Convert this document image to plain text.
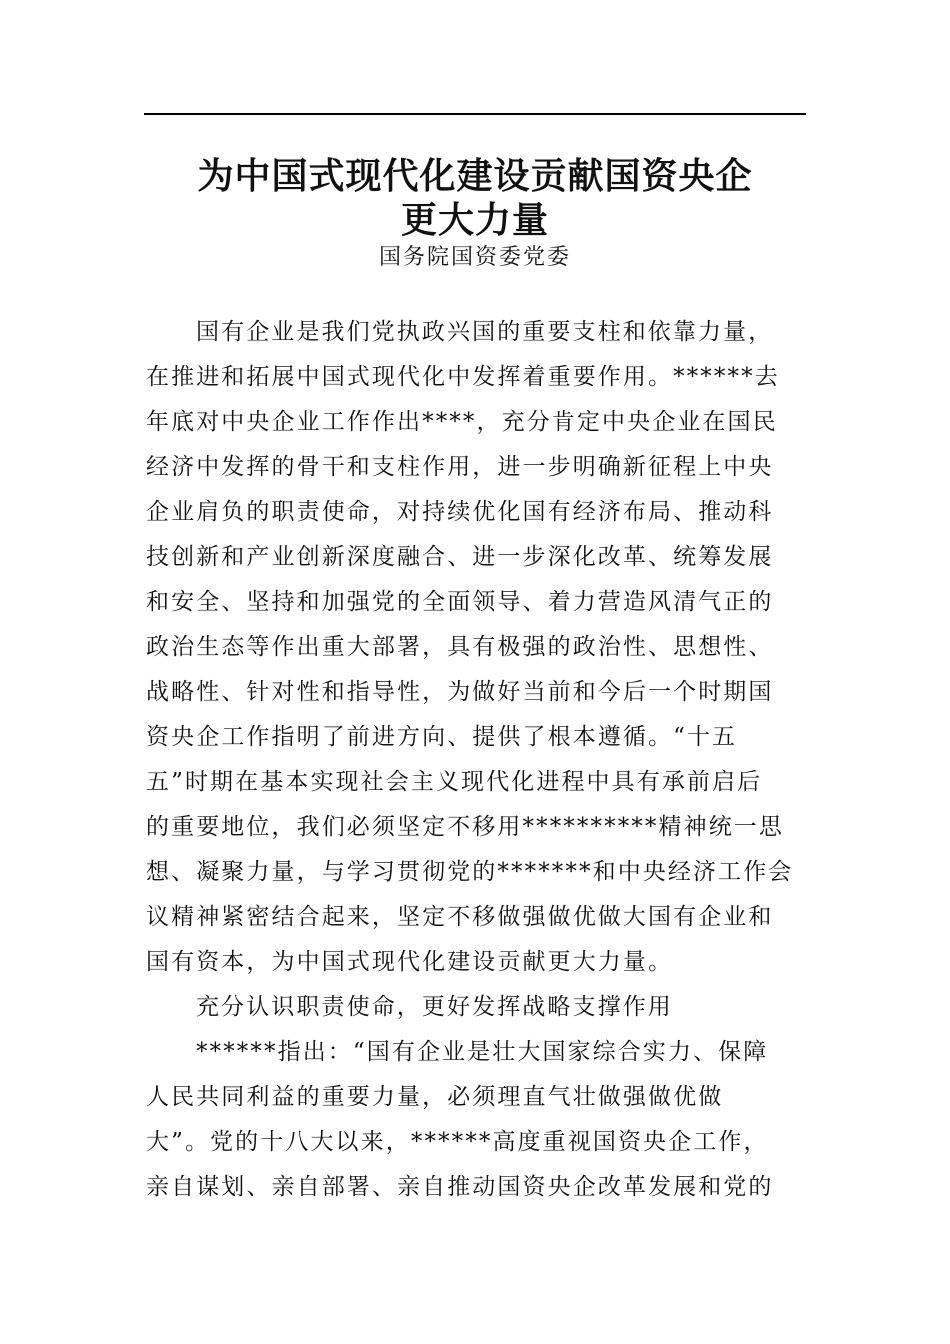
为中国式现代化建设贡献国资央企
更大力量
国务院国资委党委
国有企业是我们党执政兴国的重要支柱和依靠力量，
在推进和拓展中国式现代化中发挥着重要作用。******去
年底对中央企业工作作出****，充分肯定中央企业在国民
经济中发挥的骨干和支柱作用，进一步明确新征程上中央
企业肩负的职责使命，对持续优化国有经济布局、推动科
技创新和产业创新深度融合、进一步深化改革、统筹发展
和安全、坚持和加强党的全面领导、着力营造风清气正的
政治生态等作出重大部署，具有极强的政治性、思想性、
战略性、针对性和指导性，为做好当前和今后一个时期国
资央企工作指明了前进方向、提供了根本遵循。“十五
五”时期在基本实现社会主义现代化进程中具有承前启后
的重要地位，我们必须坚定不移用**********精神统一思
想、凝聚力量，与学习贯彻党的*******和中央经济工作会
议精神紧密结合起来，坚定不移做强做优做大国有企业和
国有资本，为中国式现代化建设贡献更大力量。
充分认识职责使命，更好发挥战略支撑作用
******指出：“国有企业是壮大国家综合实力、保障
人民共同利益的重要力量，必须理直气壮做强做优做
大”。党的十八大以来，******高度重视国资央企工作，
亲自谋划、亲自部署、亲自推动国资央企改革发展和党的
